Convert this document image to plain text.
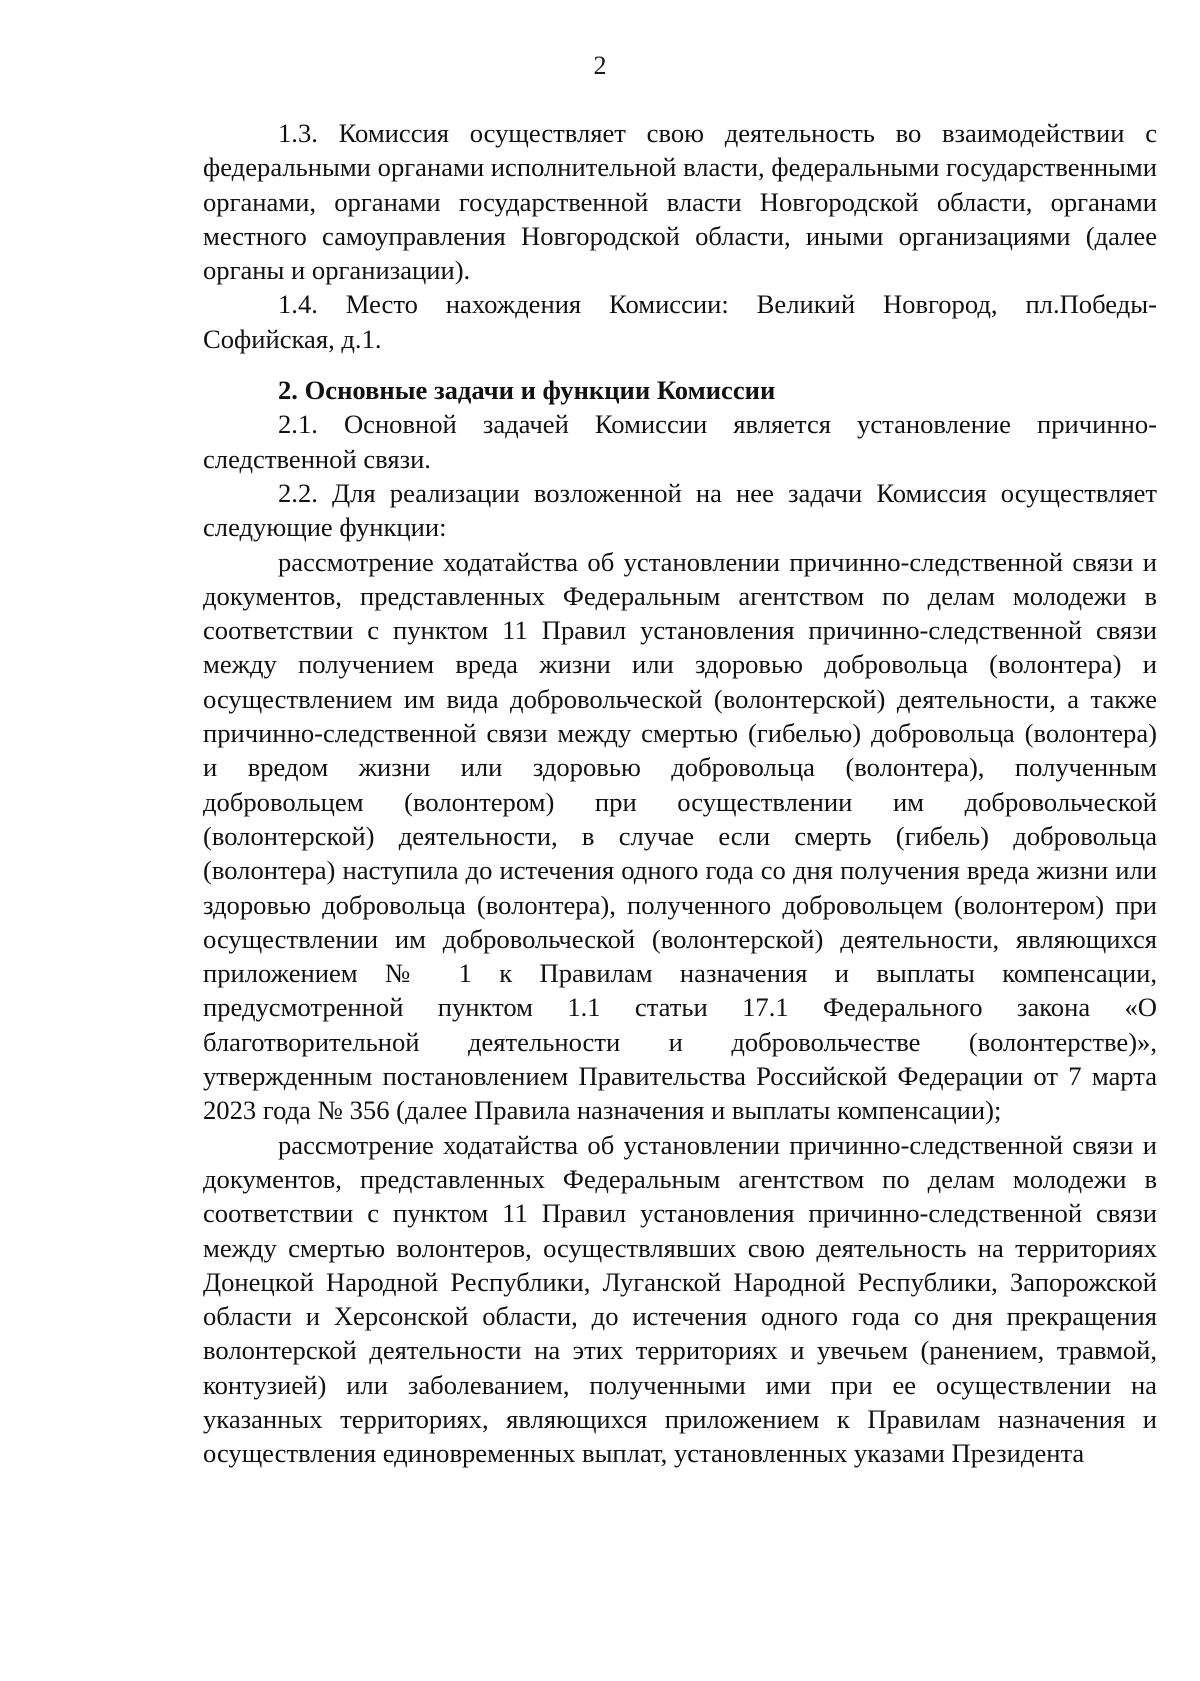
2

1.3. Комиссия осуществляет свою деятельность во взаимодействии с федеральными органами исполнительной власти, федеральными государственными органами, органами государственной власти Новгородской области, органами местного самоуправления Новгородской области, иными организациями (далее органы и организации).

1.4. Место нахождения Комиссии: Великий Новгород, пл.Победы-Софийская, д.1.

2. Основные задачи и функции Комиссии

2.1. Основной задачей Комиссии является установление причинно-следственной связи.

2.2. Для реализации возложенной на нее задачи Комиссия осуществляет следующие функции:

рассмотрение ходатайства об установлении причинно-следственной связи и документов, представленных Федеральным агентством по делам молодежи в соответствии с пунктом 11 Правил установления причинно-следственной связи между получением вреда жизни или здоровью добровольца (волонтера) и осуществлением им вида добровольческой (волонтерской) деятельности, а также причинно-следственной связи между смертью (гибелью) добровольца (волонтера) и вредом жизни или здоровью добровольца (волонтера), полученным добровольцем (волонтером) при осуществлении им добровольческой (волонтерской) деятельности, в случае если смерть (гибель) добровольца (волонтера) наступила до истечения одного года со дня получения вреда жизни или здоровью добровольца (волонтера), полученного добровольцем (волонтером) при осуществлении им добровольческой (волонтерской) деятельности, являющихся приложением № 1 к Правилам назначения и выплаты компенсации, предусмотренной пунктом 1.1 статьи 17.1 Федерального закона «О благотворительной деятельности и добровольчестве (волонтерстве)», утвержденным постановлением Правительства Российской Федерации от 7 марта 2023 года № 356 (далее Правила назначения и выплаты компенсации);

рассмотрение ходатайства об установлении причинно-следственной связи и документов, представленных Федеральным агентством по делам молодежи в соответствии с пунктом 11 Правил установления причинно-следственной связи между смертью волонтеров, осуществлявших свою деятельность на территориях Донецкой Народной Республики, Луганской Народной Республики, Запорожской области и Херсонской области, до истечения одного года со дня прекращения волонтерской деятельности на этих территориях и увечьем (ранением, травмой, контузией) или заболеванием, полученными ими при ее осуществлении на указанных территориях, являющихся приложением к Правилам назначения и осуществления единовременных выплат, установленных указами Президента
